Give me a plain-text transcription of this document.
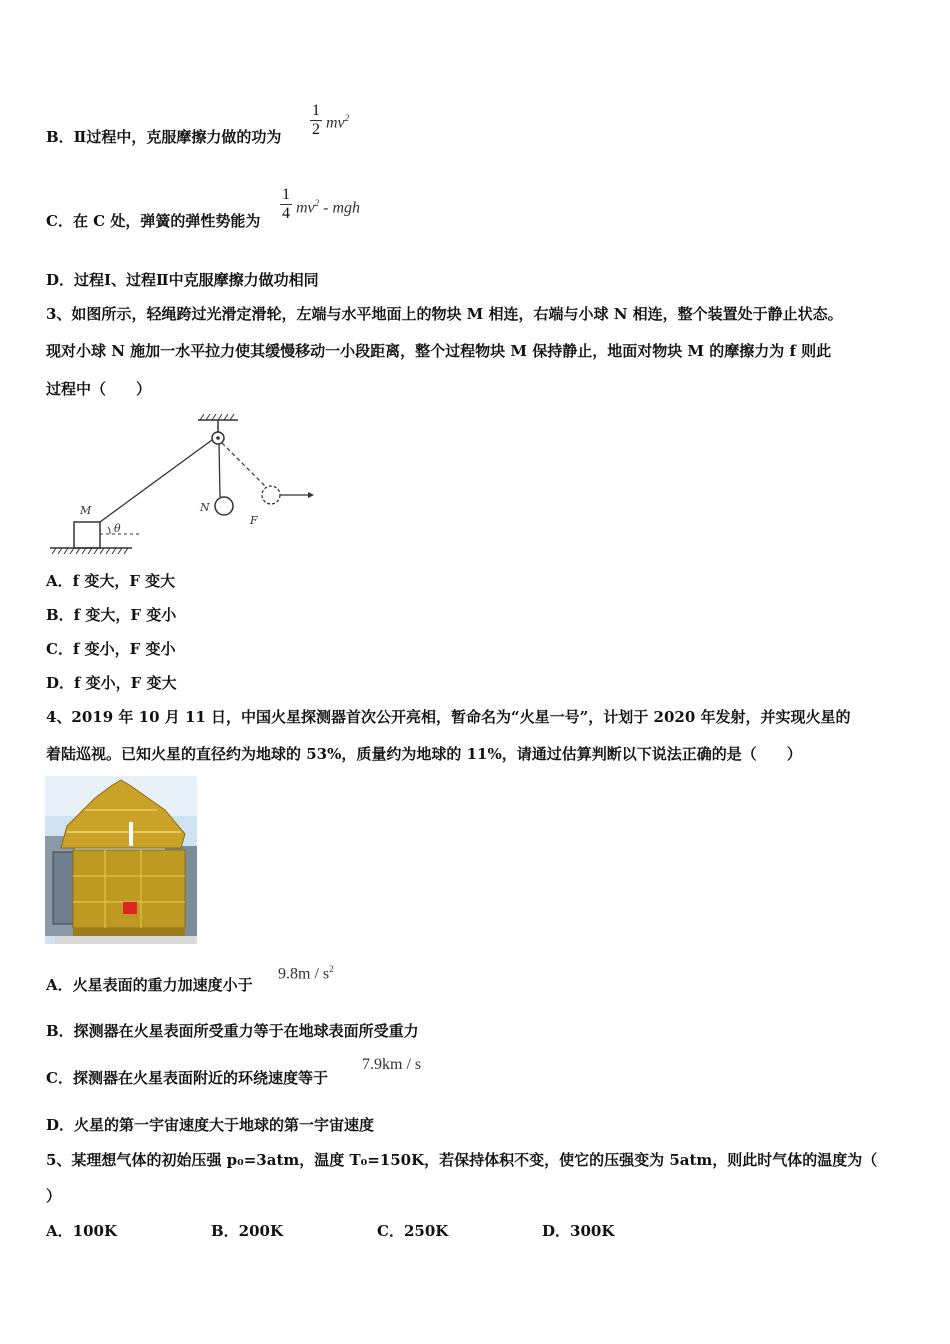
B．Ⅱ过程中，克服摩擦力做的功为
1
2 $mv^2$
C．在 C 处，弹簧的弹性势能为
1
4 $mv^2$ - mgh
D．过程Ⅰ、过程Ⅱ中克服摩擦力做功相同
3、如图所示，轻绳跨过光滑定滑轮，左端与水平地面上的物块 M 相连，右端与小球 N 相连，整个装置处于静止状态。
现对小球 N 施加一水平拉力使其缓慢移动一小段距离，整个过程物块 M 保持静止，地面对物块 M 的摩擦力为 f 则此
过程中（　　）
N
F
M
θ
A．f 变大，F 变大
B．f 变大，F 变小
C．f 变小，F 变小
D．f 变小，F 变大
4、2019 年 10 月 11 日，中国火星探测器首次公开亮相，暂命名为“火星一号”，计划于 2020 年发射，并实现火星的
着陆巡视。已知火星的直径约为地球的 53%，质量约为地球的 11%，请通过估算判断以下说法正确的是（　　）
A．火星表面的重力加速度小于
$9.8m / s^2$
B．探测器在火星表面所受重力等于在地球表面所受重力
C．探测器在火星表面附近的环绕速度等于
7.9km / s
D．火星的第一宇宙速度大于地球的第一宇宙速度
5、某理想气体的初始压强 p₀=3atm，温度 T₀=150K，若保持体积不变，使它的压强变为 5atm，则此时气体的温度为（
）
A．100K	B．200K	C．250K	D．300K
